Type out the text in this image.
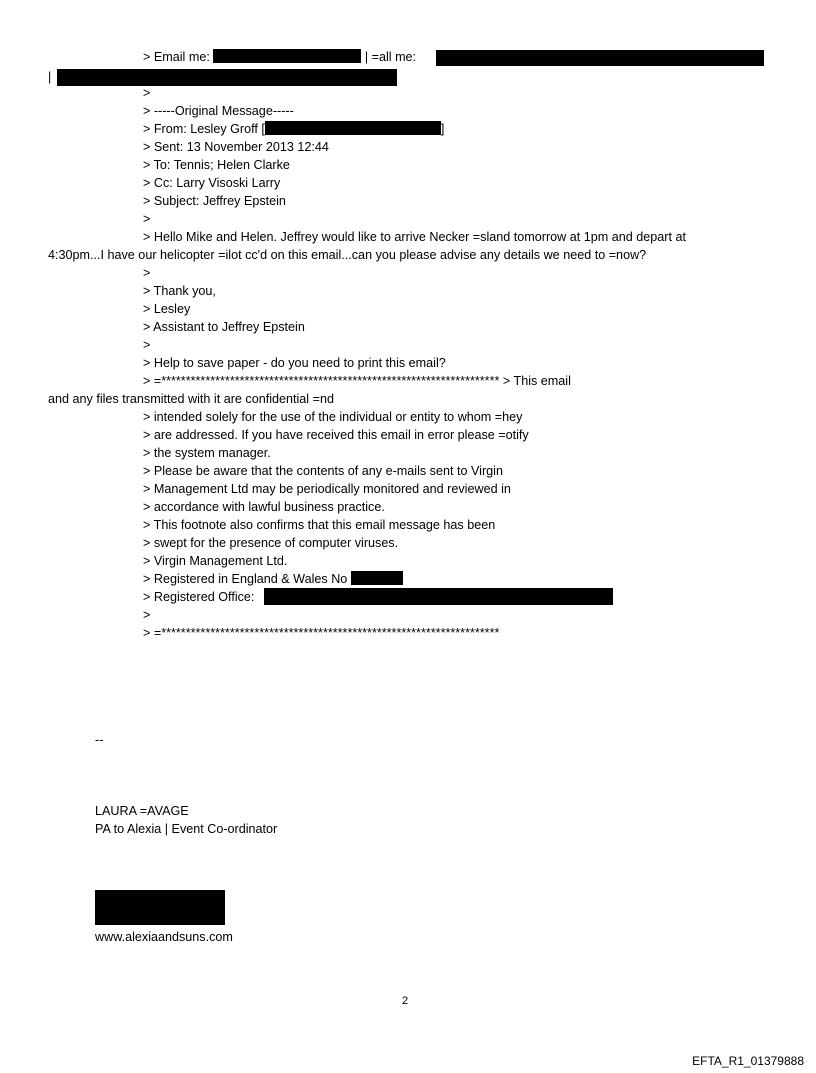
> Email me:	| =all me:
|
>
> -----Original Message-----
> From: Lesley Groff [	]
> Sent: 13 November 2013 12:44
> To: Tennis; Helen Clarke
> Cc: Larry Visoski Larry
> Subject: Jeffrey Epstein
>
> Hello Mike and Helen. Jeffrey would like to arrive Necker =sland tomorrow at 1pm and depart at
4:30pm...I have our helicopter =ilot cc'd on this email...can you please advise any details we need to =now?
>
> Thank you,
> Lesley
> Assistant to Jeffrey Epstein
>
> Help to save paper - do you need to print this email?
> =********************************************************************* > This email
and any files transmitted with it are confidential =nd
> intended solely for the use of the individual or entity to whom =hey
> are addressed. If you have received this email in error please =otify
> the system manager.
> Please be aware that the contents of any e-mails sent to Virgin
> Management Ltd may be periodically monitored and reviewed in
> accordance with lawful business practice.
> This footnote also confirms that this email message has been
> swept for the presence of computer viruses.
> Virgin Management Ltd.
> Registered in England & Wales No
> Registered Office:
>
> =*********************************************************************
--
LAURA =AVAGE
PA to Alexia | Event Co-ordinator
www.alexiaandsuns.com
2
EFTA_R1_01379888
